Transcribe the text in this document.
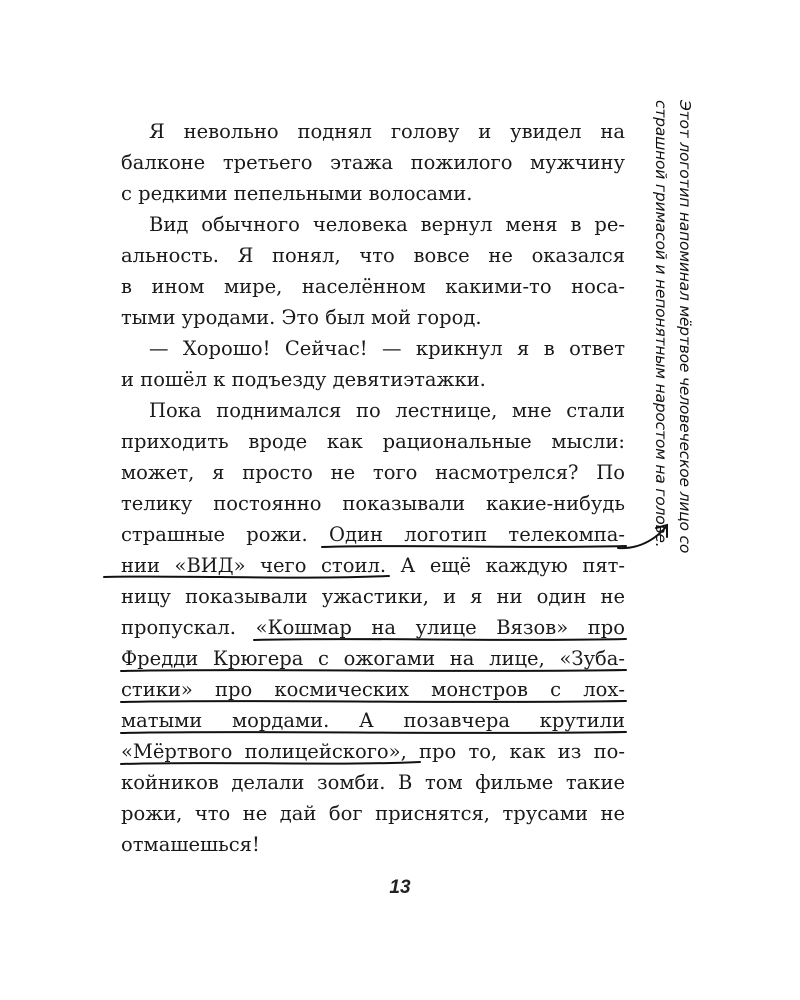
Я невольно поднял голову и увидел на
балконе третьего этажа пожилого мужчину
с редкими пепельными волосами.

Вид обычного человека вернул меня в ре-
альность. Я понял, что вовсе не оказался
в ином мире, населённом какими-то носа-
тыми уродами. Это был мой город.

— Хорошо! Сейчас! — крикнул я в ответ
и пошёл к подъезду девятиэтажки.

Пока поднимался по лестнице, мне стали
приходить вроде как рациональные мысли:
может, я просто не того насмотрелся? По
телику постоянно показывали какие-нибудь
страшные рожи. Один логотип телекомпа-
нии «ВИД» чего стоил. А ещё каждую пят-
ницу показывали ужастики, и я ни один не
пропускал. «Кошмар на улице Вязов» про
Фредди Крюгера с ожогами на лице, «Зуба-
стики» про космических монстров с лох-
матыми мордами. А позавчера крутили
«Мёртвого полицейского», про то, как из по-
койников делали зомби. В том фильме такие
рожи, что не дай бог приснятся, трусами не
отмашешься!

Этот логотип напоминал мёртвое человеческое лицо со
страшной гримасой и непонятным наростом на голове.
13
